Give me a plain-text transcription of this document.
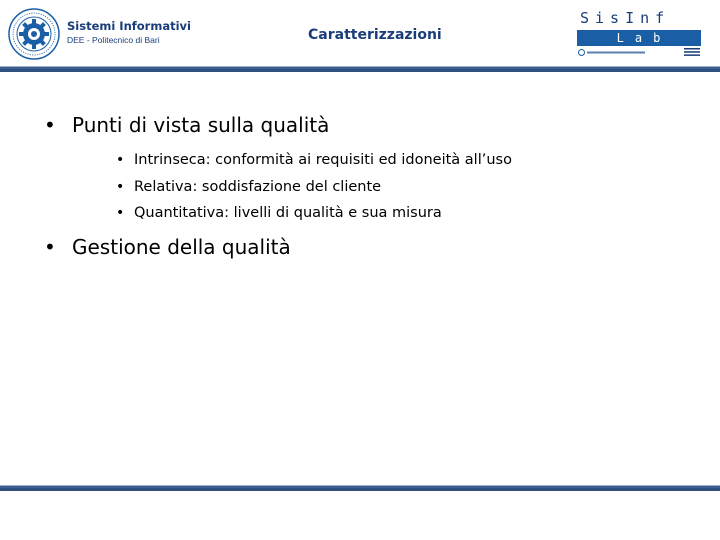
Sistemi Informativi
DEE - Politecnico di Bari	Caratterizzazioni
SisInf
Lab
• Punti di vista sulla qualità
• Intrinseca: conformità ai requisiti ed idoneità all’uso
• Relativa: soddisfazione del cliente
• Quantitativa: livelli di qualità e sua misura
• Gestione della qualità
